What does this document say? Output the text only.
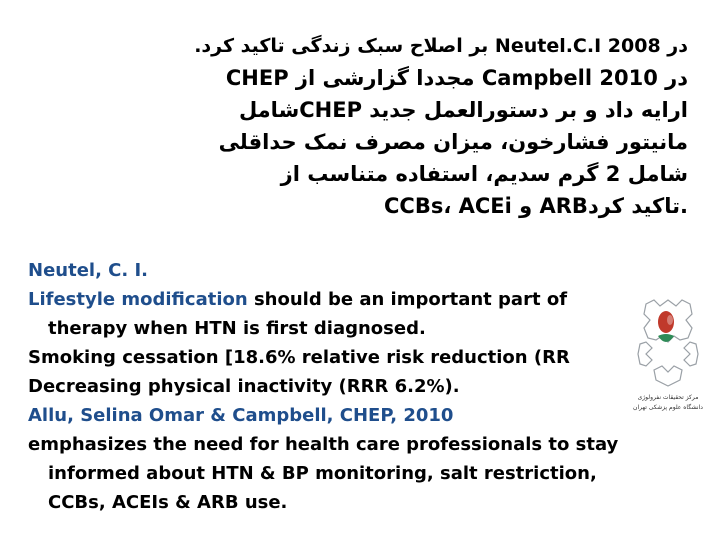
در 2008 Neutel.C.I بر اصلاح سبک زندگی تاکید کرد.
در 2010 Campbell مجددا گزارشی از CHEP
ارایه داد و بر دستورالعمل جدید CHEPشامل
مانیتور فشارخون، میزان مصرف نمک حداقلی
شامل 2 گرم سدیم، استفاده متناسب از
CCBs، ACEi و ARBتاکید کرد.
Neutel, C. I.
Lifestyle modification should be an important part of
therapy when HTN is first diagnosed.
Smoking cessation [18.6% relative risk reduction (RR
Decreasing physical inactivity (RRR 6.2%).
Allu, Selina Omar & Campbell, CHEP, 2010
emphasizes the need for health care professionals to stay
informed about HTN & BP monitoring, salt restriction,
CCBs, ACEIs & ARB use.
مرکز تحقیقات نفرولوژی
دانشگاه علوم پزشکی تهران
